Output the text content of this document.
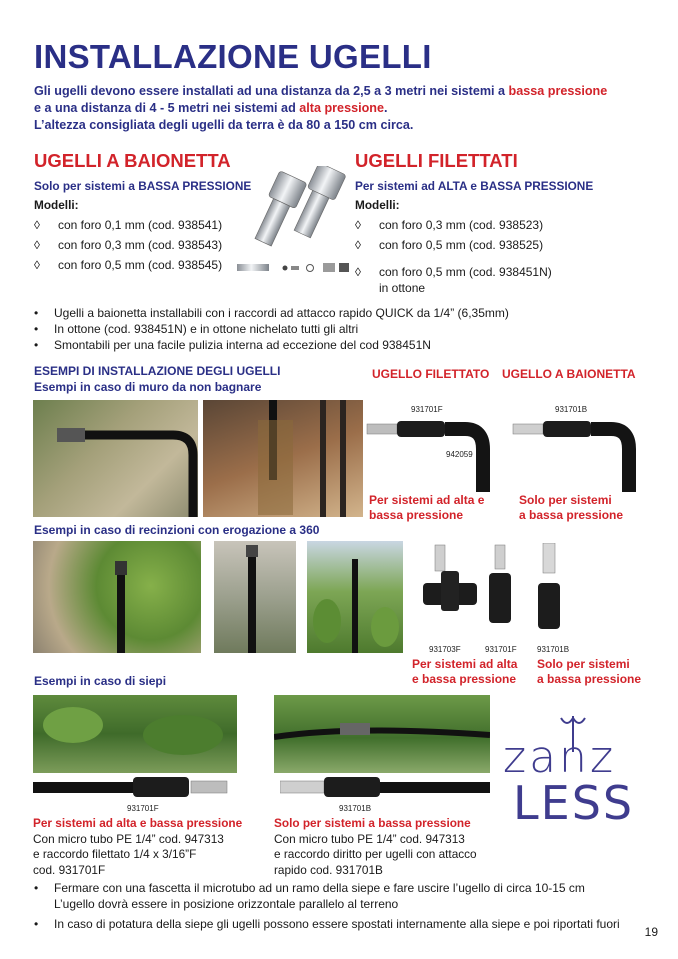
INSTALLAZIONE UGELLI
Gli ugelli devono essere installati ad una distanza da 2,5 a 3 metri nei sistemi a bassa pressione
e a una distanza di 4 - 5 metri nei sistemi ad alta pressione.
L’altezza consigliata degli ugelli da terra è da 80 a 150 cm circa.
UGELLI A BAIONETTA
Solo per sistemi a BASSA PRESSIONE
Modelli:
◊	con foro 0,1 mm (cod. 938541)
◊	con foro 0,3 mm (cod. 938543)
◊	con foro 0,5 mm (cod. 938545)
UGELLI FILETTATI
Per sistemi ad ALTA e BASSA PRESSIONE
Modelli:
◊	con foro 0,3 mm (cod. 938523)
◊	con foro 0,5 mm (cod. 938525)
◊	con foro 0,5 mm (cod. 938451N)
in ottone
•	Ugelli a baionetta installabili con i raccordi ad attacco rapido QUICK da 1/4” (6,35mm)
•	In ottone (cod. 938451N) e in ottone nichelato tutti gli altri
•	Smontabili per una facile pulizia interna ad eccezione del cod 938451N
ESEMPI DI INSTALLAZIONE DEGLI UGELLI
Esempi in caso di muro da non bagnare
UGELLO FILETTATO UGELLO A BAIONETTA
931701F	931701B
942059
Per sistemi ad alta e
bassa pressione
Solo per sistemi
a bassa pressione
Esempi in caso di recinzioni con erogazione a 360
931703F	931701F	931701B
Per sistemi ad alta
e bassa pressione
Solo per sistemi
a bassa pressione
Esempi in caso di siepi
931701F	931701B
Per sistemi ad alta e bassa pressione
Con micro tubo PE 1/4” cod. 947313
e raccordo filettato 1/4 x 3/16”F
cod. 931701F
Solo per sistemi a bassa pressione
Con micro tubo PE 1/4” cod. 947313
e raccordo diritto per ugelli con attacco
rapido cod. 931701B
zanz
LESS
•	Fermare con una fascetta il microtubo ad un ramo della siepe e fare uscire l’ugello di circa 10-15 cm
L’ugello dovrà essere in posizione orizzontale parallelo al terreno
•	In caso di potatura della siepe gli ugelli possono essere spostati internamente alla siepe e poi riportati fuori
19
